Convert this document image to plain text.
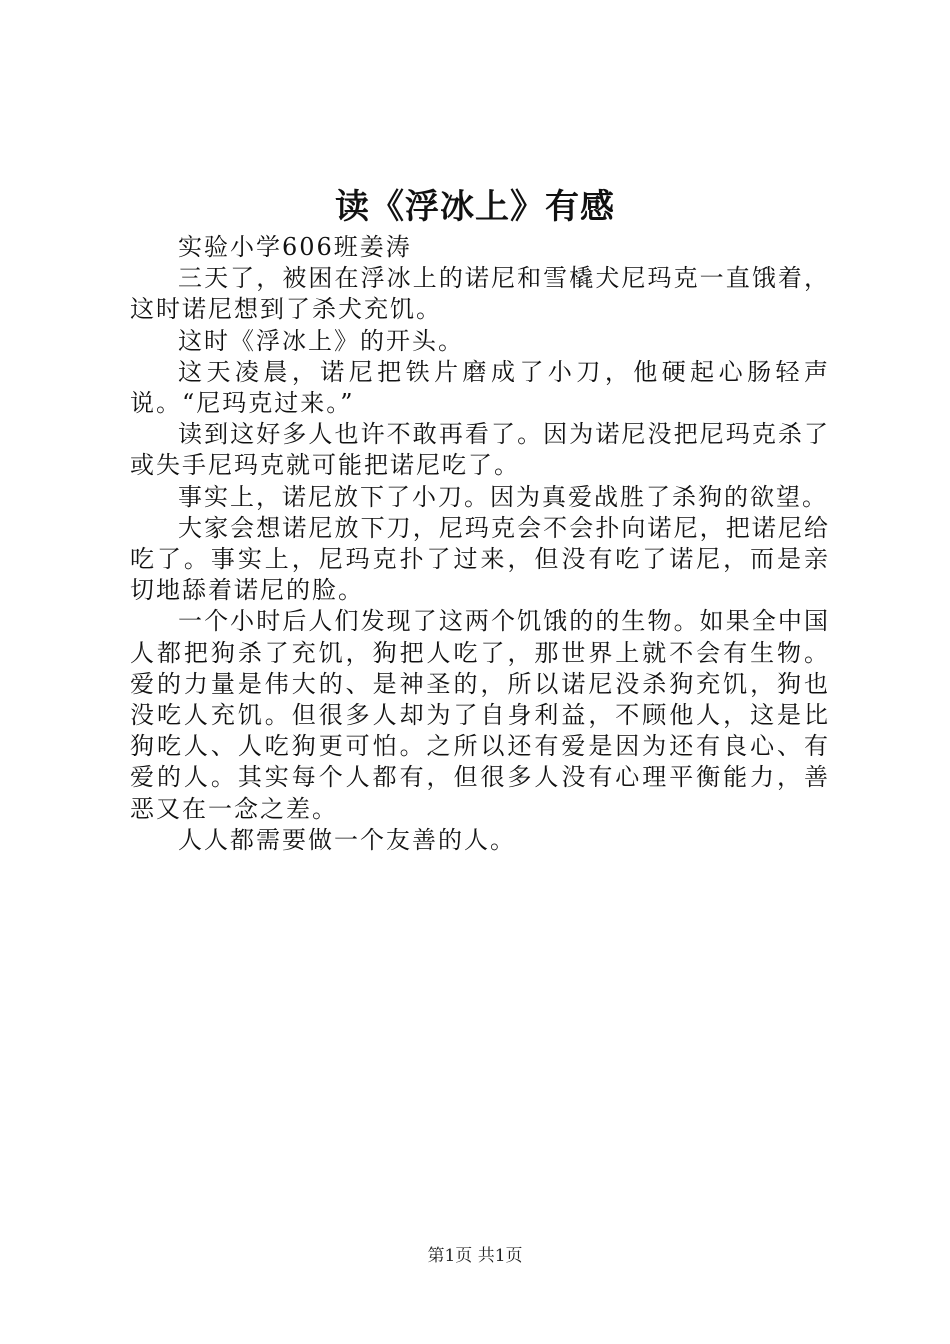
读《浮冰上》有感

实验小学606班姜涛

三天了，被困在浮冰上的诺尼和雪橇犬尼玛克一直饿着，这时诺尼想到了杀犬充饥。

这时《浮冰上》的开头。

这天凌晨，诺尼把铁片磨成了小刀，他硬起心肠轻声说。“尼玛克过来。”

读到这好多人也许不敢再看了。因为诺尼没把尼玛克杀了或失手尼玛克就可能把诺尼吃了。

事实上，诺尼放下了小刀。因为真爱战胜了杀狗的欲望。

大家会想诺尼放下刀，尼玛克会不会扑向诺尼，把诺尼给吃了。事实上，尼玛克扑了过来，但没有吃了诺尼，而是亲切地舔着诺尼的脸。

一个小时后人们发现了这两个饥饿的的生物。如果全中国人都把狗杀了充饥，狗把人吃了，那世界上就不会有生物。爱的力量是伟大的、是神圣的，所以诺尼没杀狗充饥，狗也没吃人充饥。但很多人却为了自身利益，不顾他人，这是比狗吃人、人吃狗更可怕。之所以还有爱是因为还有良心、有爱的人。其实每个人都有，但很多人没有心理平衡能力，善恶又在一念之差。

人人都需要做一个友善的人。

第1页 共1页
